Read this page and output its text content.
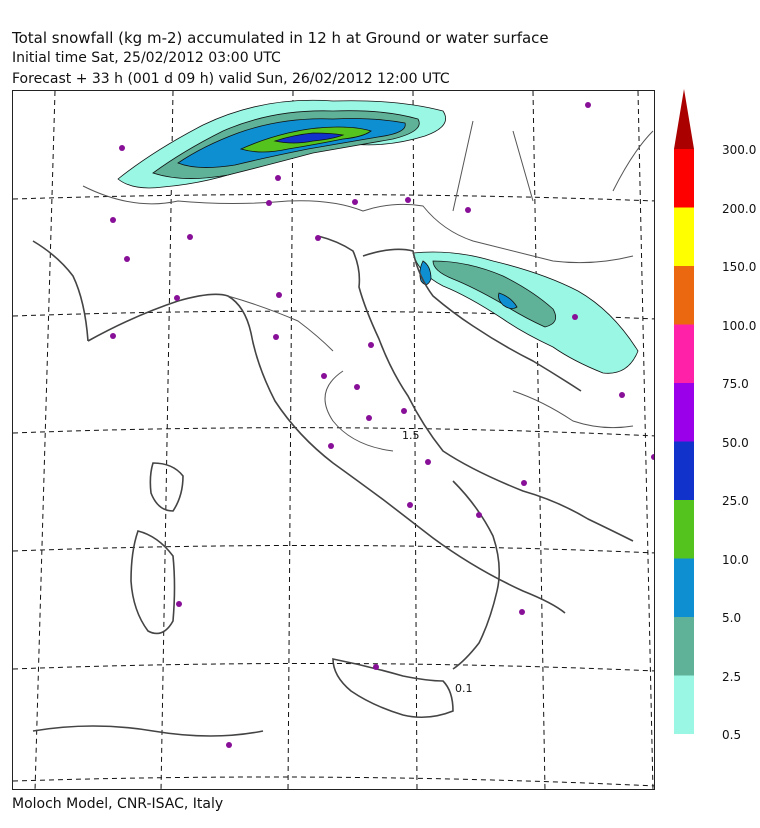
Total snowfall (kg m-2) accumulated in 12 h at Ground or water surface
Initial time Sat, 25/02/2012 03:00 UTC
Forecast + 33 h (001 d 09 h) valid Sun, 26/02/2012 12:00 UTC
1.5
0.1
0.5
2.5
5.0
10.0
25.0
50.0
75.0
100.0
150.0
200.0
300.0
Moloch Model, CNR-ISAC, Italy
